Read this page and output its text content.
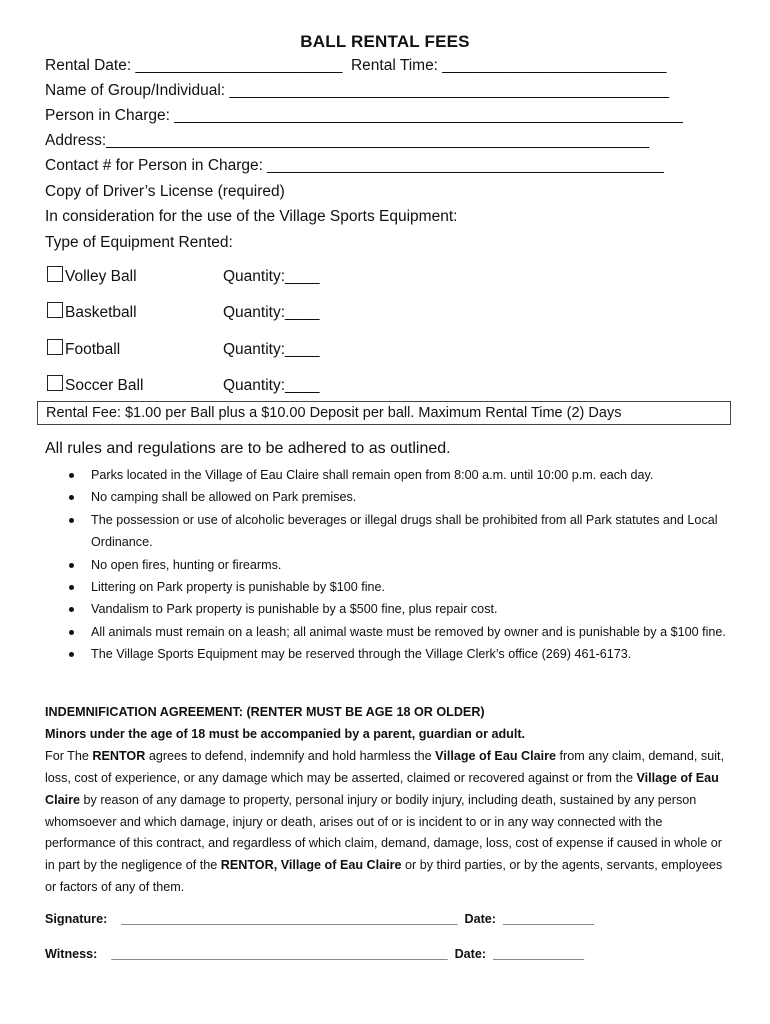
BALL RENTAL FEES
Rental Date: ________________________ Rental Time: __________________________
Name of Group/Individual: ___________________________________________________
Person in Charge: ___________________________________________________________
Address:_______________________________________________________________
Contact # for Person in Charge: ______________________________________________
Copy of Driver’s License (required)
In consideration for the use of the Village Sports Equipment:
Type of Equipment Rented:
Volley Ball	Quantity:____
Basketball	Quantity:____
Football	Quantity:____
Soccer Ball	Quantity:____
Rental Fee: $1.00 per Ball plus a $10.00 Deposit per ball. Maximum Rental Time (2) Days
All rules and regulations are to be adhered to as outlined.
Parks located in the Village of Eau Claire shall remain open from 8:00 a.m. until 10:00 p.m. each day.
No camping shall be allowed on Park premises.
The possession or use of alcoholic beverages or illegal drugs shall be prohibited from all Park statutes and Local Ordinance.
No open fires, hunting or firearms.
Littering on Park property is punishable by $100 fine.
Vandalism to Park property is punishable by a $500 fine, plus repair cost.
All animals must remain on a leash; all animal waste must be removed by owner and is punishable by a $100 fine.
The Village Sports Equipment may be reserved through the Village Clerk’s office (269) 461-6173.
INDEMNIFICATION AGREEMENT: (RENTER MUST BE AGE 18 OR OLDER)
Minors under the age of 18 must be accompanied by a parent, guardian or adult.
For The RENTOR agrees to defend, indemnify and hold harmless the Village of Eau Claire from any claim, demand, suit, loss, cost of experience, or any damage which may be asserted, claimed or recovered against or from the Village of Eau Claire by reason of any damage to property, personal injury or bodily injury, including death, sustained by any person whomsoever and which damage, injury or death, arises out of or is incident to or in any way connected with the performance of this contract, and regardless of which claim, demand, damage, loss, cost of expense if caused in whole or in part by the negligence of the RENTOR, Village of Eau Claire or by third parties, or by the agents, servants, employees or factors of any of them.
Signature: ________________________________________________ Date: _____________
Witness: ________________________________________________ Date: _____________
